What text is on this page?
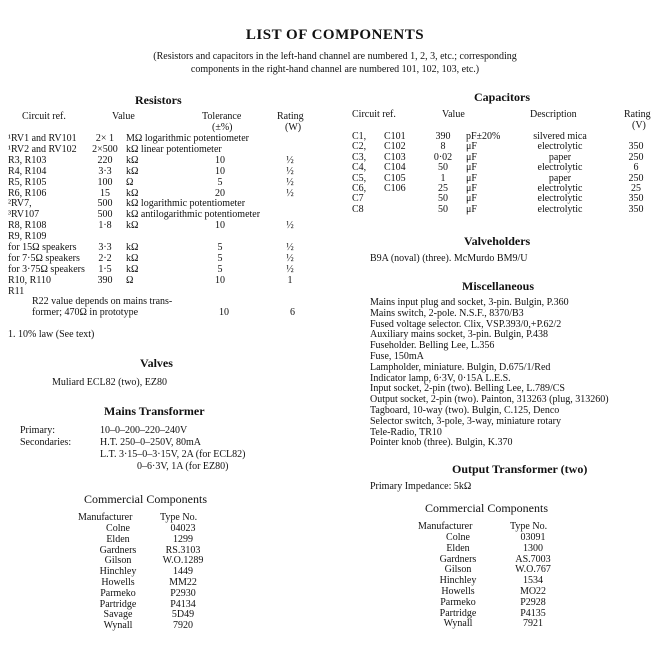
LIST OF COMPONENTS
(Resistors and capacitors in the left-hand channel are numbered 1, 2, 3, etc.; corresponding
components in the right-hand channel are numbered 101, 102, 103, etc.)
Resistors
Circuit ref.	Value	Tolerance
(±%)
Rating
(W)
¹RV1 and RV101	2× 1	MΩ logarithmic potentiometer
¹RV2 and RV102	2×500 kΩ linear potentiometer
R3, R103	220	kΩ	10	½
R4, R104	3·3	kΩ	10	½
R5, R105	100	Ω	5	½
R6, R106	15	kΩ	20	½
²RV7,	500	kΩ logarithmic potentiometer
³RV107	500	kΩ antilogarithmic potentiometer
R8, R108	1·8	kΩ	10	½
R9, R109
for 15Ω speakers	3·3	kΩ	5	½
for 7·5Ω speakers	2·2	kΩ	5	½
for 3·75Ω speakers	1·5	kΩ	5	½
R10, R110	390	Ω	10	1
R11
R22 value depends on mains trans-
former; 470Ω in prototype	10	6
1. 10% law (See text)
Valves
Muliard ECL82 (two), EZ80
Mains Transformer
Primary:	10–0–200–220–240V
Secondaries:	H.T. 250–0–250V, 80mA
L.T. 3·15–0–3·15V, 2A (for ECL82)
0–6·3V, 1A (for EZ80)
Commercial Components
Manufacturer	Type No.
Colne	04023
Elden	1299
Gardners	RS.3103
Gilson	W.O.1289
Hinchley	1449
Howells	MM22
Parmeko	P2930
Partridge	P4134
Savage	5D49
Wynall	7920
Capacitors
Circuit ref.	Value	Description	Rating
(V)
C1, C101	390	pF±20%	silvered mica
C2, C102	8	μF	electrolytic	350
C3, C103	0·02	μF	paper	250
C4, C104	50	μF	electrolytic	6
C5, C105	1	μF	paper	250
C6, C106	25	μF	electrolytic	25
C7	50	μF	electrolytic	350
C8	50	μF	electrolytic	350
Valveholders
B9A (noval) (three). McMurdo BM9/U
Miscellaneous
Mains input plug and socket, 3-pin. Bulgin, P.360
Mains switch, 2-pole. N.S.F., 8370/B3
Fused voltage selector. Clix, VSP.393/0,+P.62/2
Auxiliary mains socket, 3-pin. Bulgin, P.438
Fuseholder. Belling Lee, L.356
Fuse, 150mA
Lampholder, miniature. Bulgin, D.675/1/Red
Indicator lamp, 6·3V, 0·15A L.E.S.
Input socket, 2-pin (two). Belling Lee, L.789/CS
Output socket, 2-pin (two). Painton, 313263 (plug, 313260)
Tagboard, 10-way (two). Bulgin, C.125, Denco
Selector switch, 3-pole, 3-way, miniature rotary
Tele-Radio, TR10
Pointer knob (three). Bulgin, K.370
Output Transformer (two)
Primary Impedance: 5kΩ
Commercial Components
Manufacturer	Type No.
Colne	03091
Elden	1300
Gardners	AS.7003
Gilson	W.O.767
Hinchley	1534
Howells	MO22
Parmeko	P2928
Partridge	P4135
Wynall	7921
